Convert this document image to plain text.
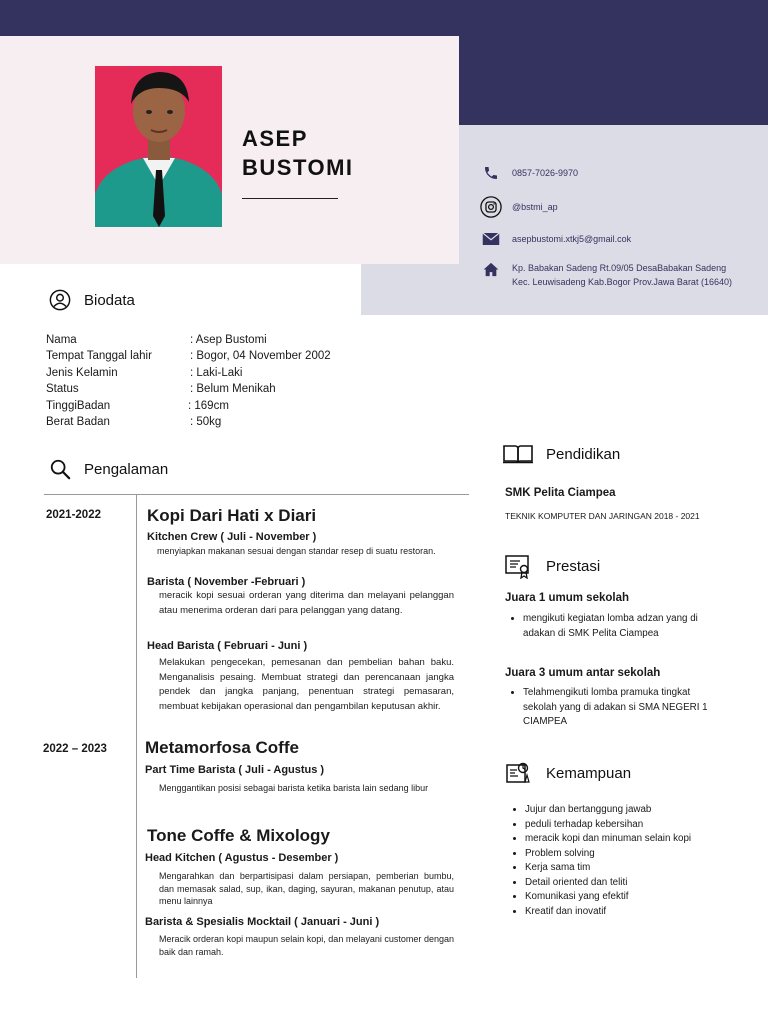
ASEP
BUSTOMI	0857-7026-9970
@bstmi_ap
asepbustomi.xtkj5@gmail.cok
Kp. Babakan Sadeng Rt.09/05 DesaBabakan Sadeng
Kec. Leuwisadeng Kab.Bogor Prov.Jawa Barat (16640)
Biodata
Nama	: Asep Bustomi
Tempat Tanggal lahir	: Bogor, 04 November 2002
Jenis Kelamin	: Laki-Laki
Status	: Belum Menikah
TinggiBadan	: 169cm
Berat Badan	: 50kg
Pengalaman
2021-2022	Kopi Dari Hati x Diari
Kitchen Crew ( Juli - November )
menyiapkan makanan sesuai dengan standar resep di suatu restoran.
Barista ( November -Februari )
meracik kopi sesuai orderan yang diterima dan melayani pelanggan atau menerima orderan dari para pelanggan yang datang.
Head Barista ( Februari - Juni )
Melakukan pengecekan, pemesanan dan pembelian bahan baku. Menganalisis pesaing. Membuat strategi dan perencanaan jangka pendek dan jangka panjang, penentuan strategi pemasaran, membuat kebijakan operasional dan pengambilan keputusan akhir.
2022 – 2023 Metamorfosa Coffe
Part Time Barista ( Juli - Agustus )
Menggantikan posisi sebagai barista ketika barista lain sedang libur
Tone Coffe & Mixology
Head Kitchen ( Agustus - Desember )
Mengarahkan dan berpartisipasi dalam persiapan, pemberian bumbu, dan memasak salad, sup, ikan, daging, sayuran, makanan penutup, atau menu lainnya
Barista & Spesialis Mocktail ( Januari - Juni )
Meracik orderan kopi maupun selain kopi, dan melayani customer dengan baik dan ramah.
Pendidikan
SMK Pelita Ciampea
TEKNIK KOMPUTER DAN JARINGAN 2018 - 2021
Prestasi
Juara 1 umum sekolah
• mengikuti kegiatan lomba adzan yang di adakan di SMK Pelita Ciampea
Juara 3 umum antar sekolah
• Telahmengikuti lomba pramuka tingkat sekolah yang di adakan si SMA NEGERI 1 CIAMPEA
Kemampuan
• Jujur dan bertanggung jawab
• peduli terhadap kebersihan
• meracik kopi dan minuman selain kopi
• Problem solving
• Kerja sama tim
• Detail oriented dan teliti
• Komunikasi yang efektif
• Kreatif dan inovatif
